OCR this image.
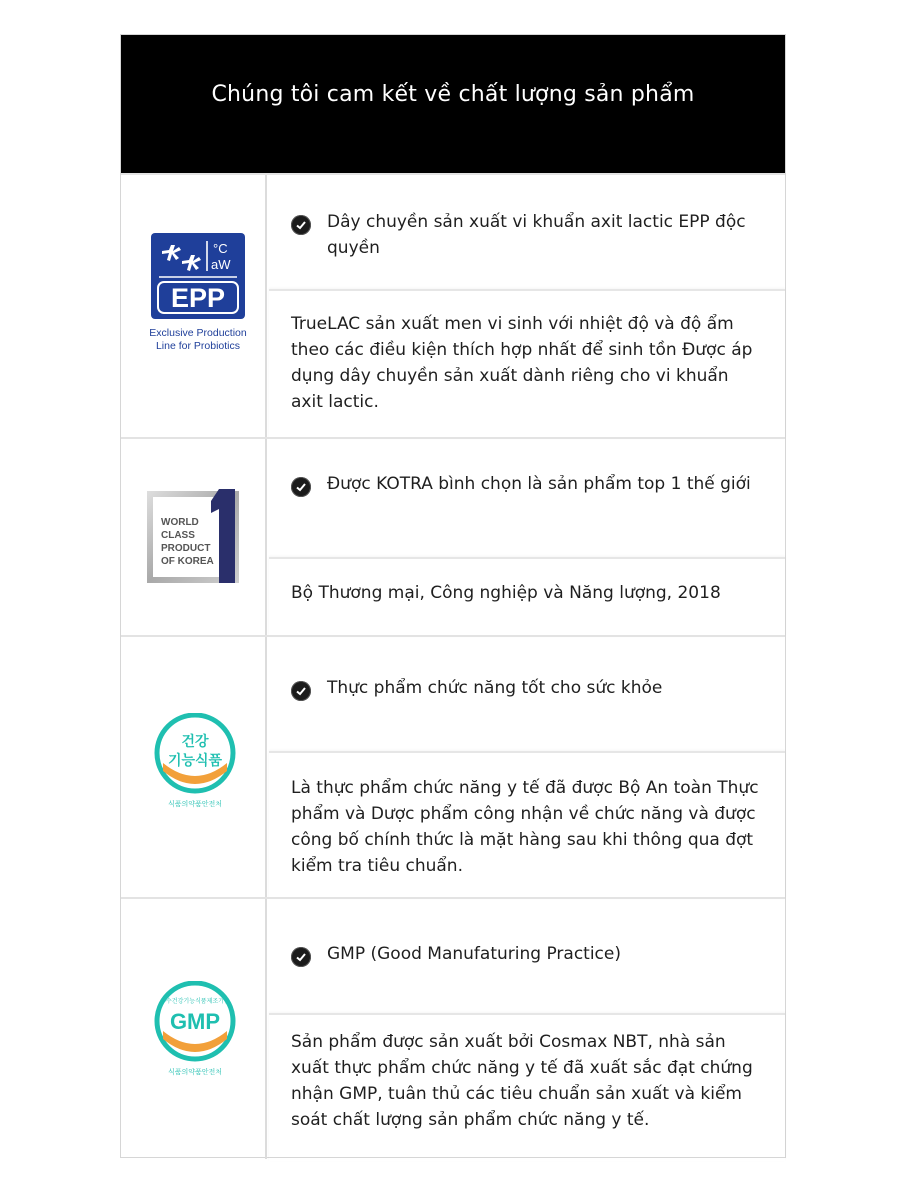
Chúng tôi cam kết về chất lượng sản phẩm
°C
aW
EPP
Exclusive Production
Line for Probiotics
Dây chuyền sản xuất vi khuẩn axit lactic EPP độc quyền
TrueLAC sản xuất men vi sinh với nhiệt độ và độ ẩm theo các điều kiện thích hợp nhất để sinh tồn Được áp dụng dây chuyền sản xuất dành riêng cho vi khuẩn axit lactic.
WORLD
CLASS
PRODUCT
OF KOREA
Được KOTRA bình chọn là sản phẩm top 1 thế giới
Bộ Thương mại, Công nghiệp và Năng lượng, 2018
건강
기능식품
식품의약품안전처
Thực phẩm chức năng tốt cho sức khỏe
Là thực phẩm chức năng y tế đã được Bộ An toàn Thực phẩm và Dược phẩm công nhận về chức năng và được công bố chính thức là mặt hàng sau khi thông qua đợt kiểm tra tiêu chuẩn.
우수건강기능식품제조기준
GMP
식품의약품안전처
GMP (Good Manufaturing Practice)
Sản phẩm được sản xuất bởi Cosmax NBT, nhà sản xuất thực phẩm chức năng y tế đã xuất sắc đạt chứng nhận GMP, tuân thủ các tiêu chuẩn sản xuất và kiểm soát chất lượng sản phẩm chức năng y tế.
